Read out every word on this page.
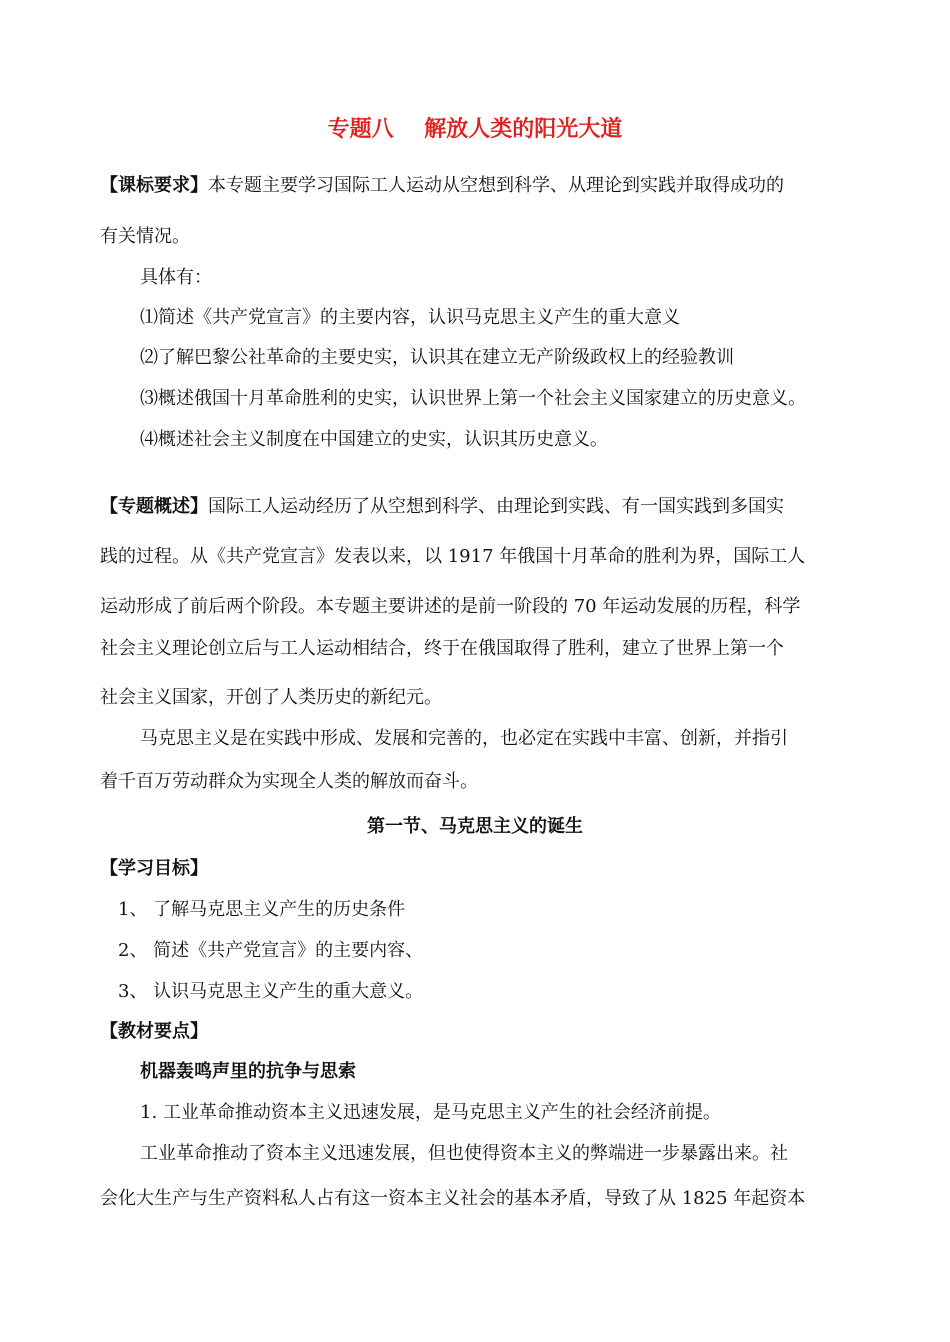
专题八    解放人类的阳光大道
【课标要求】本专题主要学习国际工人运动从空想到科学、从理论到实践并取得成功的
有关情况。
具体有：
⑴简述《共产党宣言》的主要内容，认识马克思主义产生的重大意义
⑵了解巴黎公社革命的主要史实，认识其在建立无产阶级政权上的经验教训
⑶概述俄国十月革命胜利的史实，认识世界上第一个社会主义国家建立的历史意义。
⑷概述社会主义制度在中国建立的史实，认识其历史意义。
【专题概述】国际工人运动经历了从空想到科学、由理论到实践、有一国实践到多国实
践的过程。从《共产党宣言》发表以来，以 1917 年俄国十月革命的胜利为界，国际工人
运动形成了前后两个阶段。本专题主要讲述的是前一阶段的 70 年运动发展的历程，科学
社会主义理论创立后与工人运动相结合，终于在俄国取得了胜利，建立了世界上第一个
社会主义国家，开创了人类历史的新纪元。
马克思主义是在实践中形成、发展和完善的，也必定在实践中丰富、创新，并指引
着千百万劳动群众为实现全人类的解放而奋斗。
第一节、马克思主义的诞生
【学习目标】
1、 了解马克思主义产生的历史条件
2、 简述《共产党宣言》的主要内容、
3、 认识马克思主义产生的重大意义。
【教材要点】
机器轰鸣声里的抗争与思索
1. 工业革命推动资本主义迅速发展，是马克思主义产生的社会经济前提。
工业革命推动了资本主义迅速发展，但也使得资本主义的弊端进一步暴露出来。社
会化大生产与生产资料私人占有这一资本主义社会的基本矛盾，导致了从 1825 年起资本
